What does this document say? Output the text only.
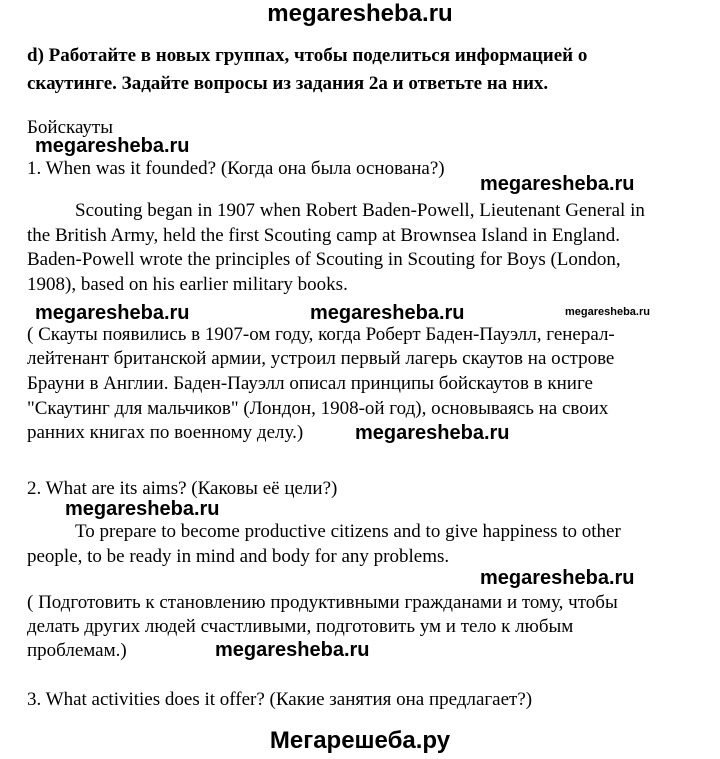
megaresheba.ru
d) Работайте в новых группах, чтобы поделиться информацией о
скаутинге. Задайте вопросы из задания 2a и ответьте на них.
Бойскауты
megaresheba.ru
1. When was it founded? (Когда она была основана?)
megaresheba.ru
Scouting began in 1907 when Robert Baden-Powell, Lieutenant General in
the British Army, held the first Scouting camp at Brownsea Island in England.
Baden-Powell wrote the principles of Scouting in Scouting for Boys (London,
1908), based on his earlier military books.
megaresheba.ru	megaresheba.ru	megaresheba.ru
( Скауты появились в 1907-ом году, когда Роберт Баден-Пауэлл, генерал-
лейтенант британской армии, устроил первый лагерь скаутов на острове
Брауни в Англии. Баден-Пауэлл описал принципы бойскаутов в книге
"Скаутинг для мальчиков" (Лондон, 1908-ой год), основываясь на своих
ранних книгах по военному делу.)	megaresheba.ru
2. What are its aims? (Каковы её цели?)
megaresheba.ru
To prepare to become productive citizens and to give happiness to other
people, to be ready in mind and body for any problems.
megaresheba.ru
( Подготовить к становлению продуктивными гражданами и тому, чтобы
делать других людей счастливыми, подготовить ум и тело к любым
проблемам.)	megaresheba.ru
3. What activities does it offer? (Какие занятия она предлагает?)
Мегарешеба.ру
